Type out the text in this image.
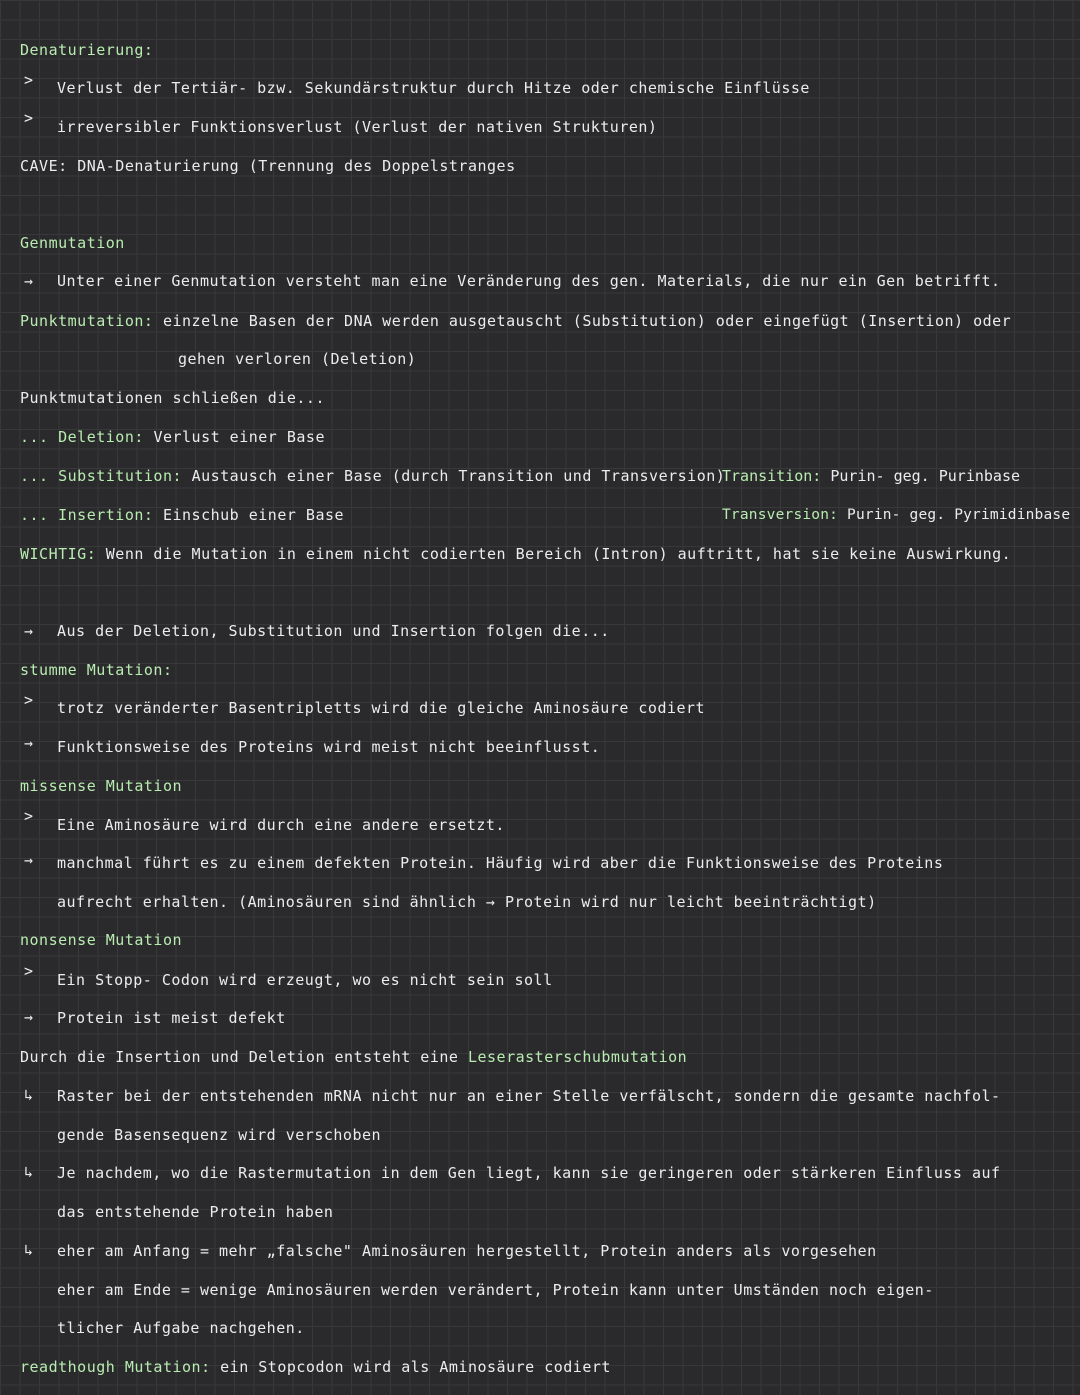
Denaturierung:
> Verlust der Tertiär- bzw. Sekundärstruktur durch Hitze oder chemische Einflüsse
> irreversibler Funktionsverlust (Verlust der nativen Strukturen)
CAVE: DNA-Denaturierung (Trennung des Doppelstranges
Genmutation
→ Unter einer Genmutation versteht man eine Veränderung des gen. Materials, die nur ein Gen betrifft.
Punktmutation: einzelne Basen der DNA werden ausgetauscht (Substitution) oder eingefügt (Insertion) oder
gehen verloren (Deletion)
Punktmutationen schließen die...
... Deletion: Verlust einer Base
... Substitution: Austausch einer Base (durch Transition und Transversion)
Transition: Purin- geg. Purinbase
... Insertion: Einschub einer Base	Transversion: Purin- geg. Pyrimidinbase
WICHTIG: Wenn die Mutation in einem nicht codierten Bereich (Intron) auftritt, hat sie keine Auswirkung.
→ Aus der Deletion, Substitution und Insertion folgen die...
stumme Mutation:
> trotz veränderter Basentripletts wird die gleiche Aminosäure codiert
→ Funktionsweise des Proteins wird meist nicht beeinflusst.
missense Mutation
> Eine Aminosäure wird durch eine andere ersetzt.
→ manchmal führt es zu einem defekten Protein. Häufig wird aber die Funktionsweise des Proteins
aufrecht erhalten. (Aminosäuren sind ähnlich → Protein wird nur leicht beeinträchtigt)
nonsense Mutation
> Ein Stopp- Codon wird erzeugt, wo es nicht sein soll
→ Protein ist meist defekt
Durch die Insertion und Deletion entsteht eine Leserasterschubmutation
↳ Raster bei der entstehenden mRNA nicht nur an einer Stelle verfälscht, sondern die gesamte nachfol-
gende Basensequenz wird verschoben
↳ Je nachdem, wo die Rastermutation in dem Gen liegt, kann sie geringeren oder stärkeren Einfluss auf
das entstehende Protein haben
↳ eher am Anfang = mehr „falsche" Aminosäuren hergestellt, Protein anders als vorgesehen
eher am Ende = wenige Aminosäuren werden verändert, Protein kann unter Umständen noch eigen-
tlicher Aufgabe nachgehen.
readthough Mutation: ein Stopcodon wird als Aminosäure codiert
